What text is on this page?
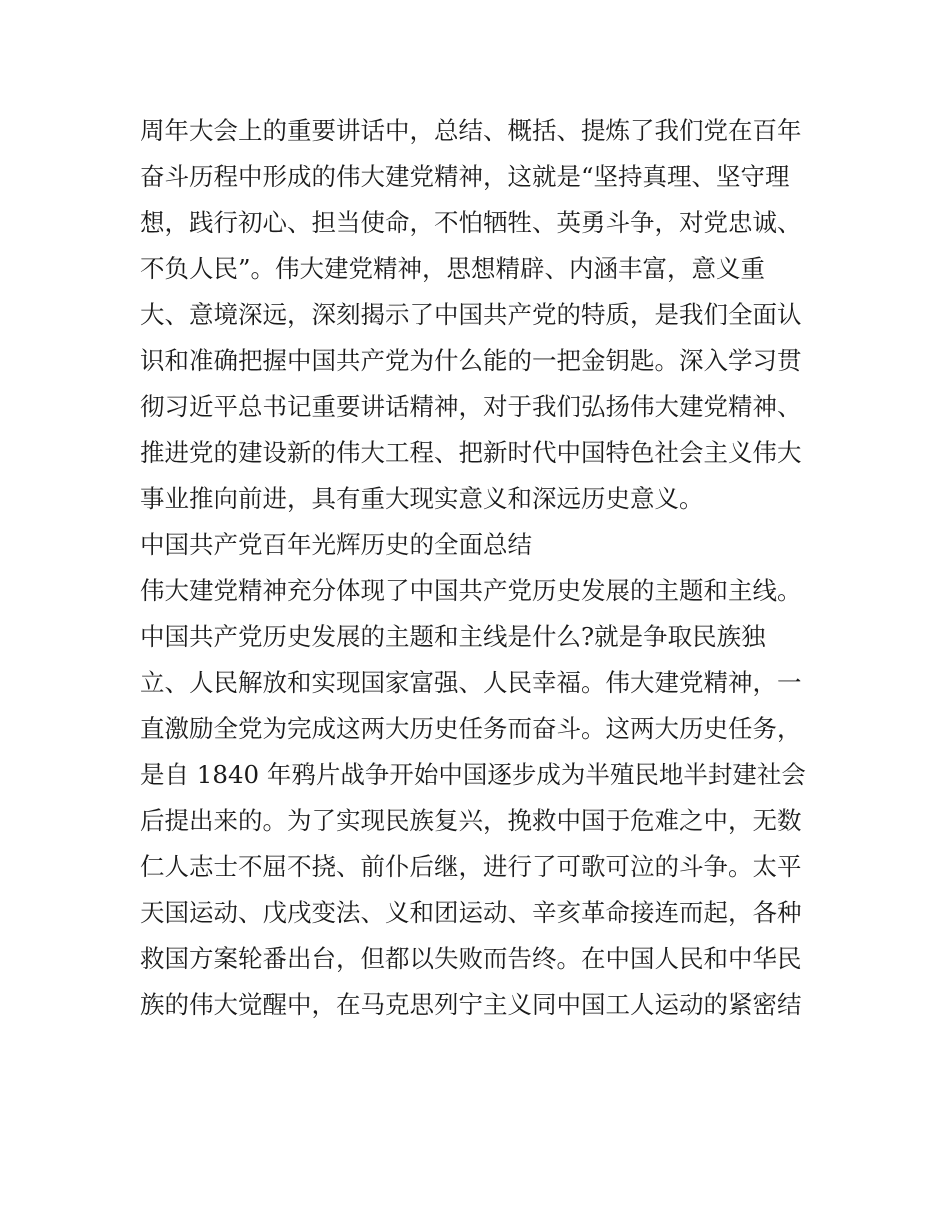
周年大会上的重要讲话中，总结、概括、提炼了我们党在百年
奋斗历程中形成的伟大建党精神，这就是“坚持真理、坚守理
想，践行初心、担当使命，不怕牺牲、英勇斗争，对党忠诚、
不负人民”。伟大建党精神，思想精辟、内涵丰富，意义重
大、意境深远，深刻揭示了中国共产党的特质，是我们全面认
识和准确把握中国共产党为什么能的一把金钥匙。深入学习贯
彻习近平总书记重要讲话精神，对于我们弘扬伟大建党精神、
推进党的建设新的伟大工程、把新时代中国特色社会主义伟大
事业推向前进，具有重大现实意义和深远历史意义。
中国共产党百年光辉历史的全面总结
伟大建党精神充分体现了中国共产党历史发展的主题和主线。
中国共产党历史发展的主题和主线是什么?就是争取民族独
立、人民解放和实现国家富强、人民幸福。伟大建党精神，一
直激励全党为完成这两大历史任务而奋斗。这两大历史任务，
是自 1840 年鸦片战争开始中国逐步成为半殖民地半封建社会
后提出来的。为了实现民族复兴，挽救中国于危难之中，无数
仁人志士不屈不挠、前仆后继，进行了可歌可泣的斗争。太平
天国运动、戊戌变法、义和团运动、辛亥革命接连而起，各种
救国方案轮番出台，但都以失败而告终。在中国人民和中华民
族的伟大觉醒中，在马克思列宁主义同中国工人运动的紧密结
